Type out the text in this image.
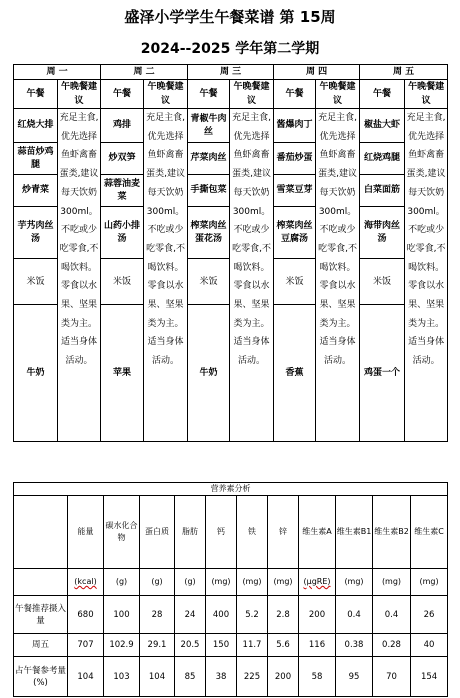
盛泽小学学生午餐菜谱 第 15周
2024--2025 学年第二学期
周 一		周 二		周 三		周 四		周 五	
午餐	午晚餐建议	午餐	午晚餐建议	午餐	午晚餐建议	午餐	午晚餐建议	午餐	午晚餐建议
红烧大排	充足主食,优先选择鱼虾禽畜蛋类,建议每天饮奶300ml。不吃或少吃零食,不喝饮料。零食以水果、坚果类为主。适当身体活动。	鸡排	充足主食,优先选择鱼虾禽畜蛋类,建议每天饮奶300ml。不吃或少吃零食,不喝饮料。零食以水果、坚果类为主。适当身体活动。	青椒牛肉丝	充足主食,优先选择鱼虾禽畜蛋类,建议每天饮奶300ml。不吃或少吃零食,不喝饮料。零食以水果、坚果类为主。适当身体活动。	酱爆肉丁	充足主食,优先选择鱼虾禽畜蛋类,建议每天饮奶300ml。不吃或少吃零食,不喝饮料。零食以水果、坚果类为主。适当身体活动。	椒盐大虾	充足主食,优先选择鱼虾禽畜蛋类,建议每天饮奶300ml。不吃或少吃零食,不喝饮料。零食以水果、坚果类为主。适当身体活动。
蒜苗炒鸡腿		炒双笋		芹菜肉丝		番茄炒蛋		红烧鸡腿	
炒青菜		蒜蓉油麦菜		手撕包菜		雪菜豆芽		白菜面筋	
芋艿肉丝汤		山药小排汤		榨菜肉丝蛋花汤		榨菜肉丝豆腐汤		海带肉丝汤	
米饭		米饭		米饭		米饭		米饭	
牛奶		苹果		牛奶		香蕉		鸡蛋一个	
营养素分析											
	能量	碳水化合物	蛋白质	脂肪	钙	铁	锌	维生素A	维生素B1	维生素B2	维生素C
	(kcal)	(g)	(g)	(g)	(mg)	(mg)	(mg)	(μgRE)	(mg)	(mg)	(mg)
午餐推荐摄入量	680	100	28	24	400	5.2	2.8	200	0.4	0.4	26
周五	707	102.9	29.1	20.5	150	11.7	5.6	116	0.38	0.28	40
占午餐参考量(%)	104	103	104	85	38	225	200	58	95	70	154
